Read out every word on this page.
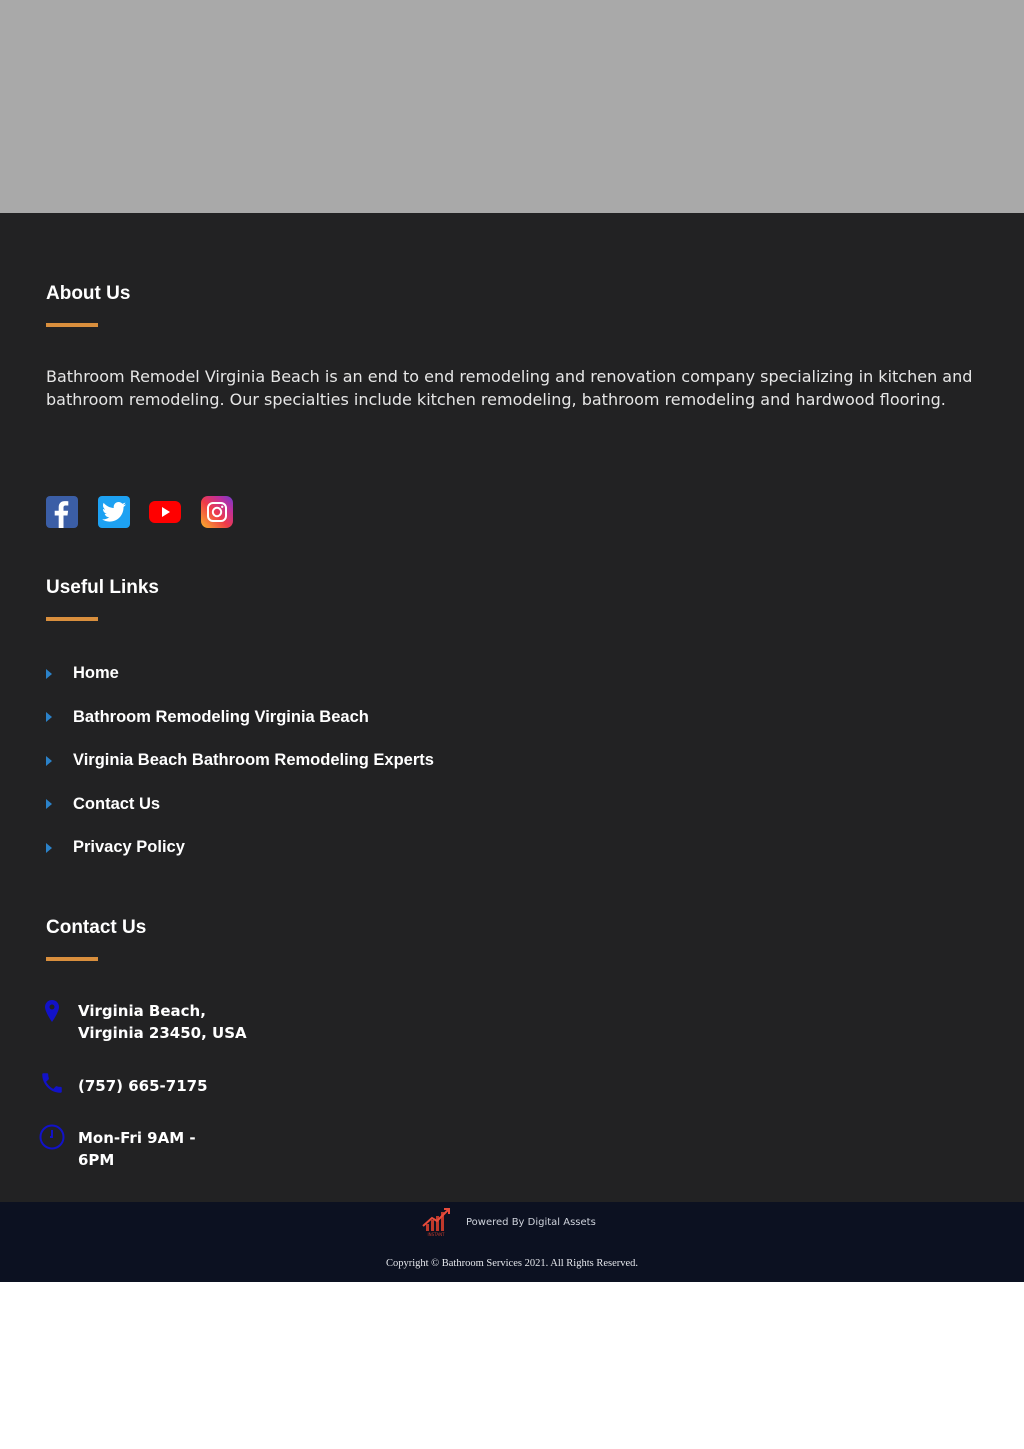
About Us

Bathroom Remodel Virginia Beach is an end to end remodeling and renovation company specializing in kitchen and bathroom remodeling. Our specialties include kitchen remodeling, bathroom remodeling and hardwood flooring.

Useful Links
Home
Bathroom Remodeling Virginia Beach
Virginia Beach Bathroom Remodeling Experts
Contact Us
Privacy Policy
Contact Us
Virginia Beach,
Virginia 23450, USA
(757) 665-7175
Mon-Fri 9AM -
6PM
INSTANT
Powered By Digital Assets
Copyright © Bathroom Services 2021. All Rights Reserved.
